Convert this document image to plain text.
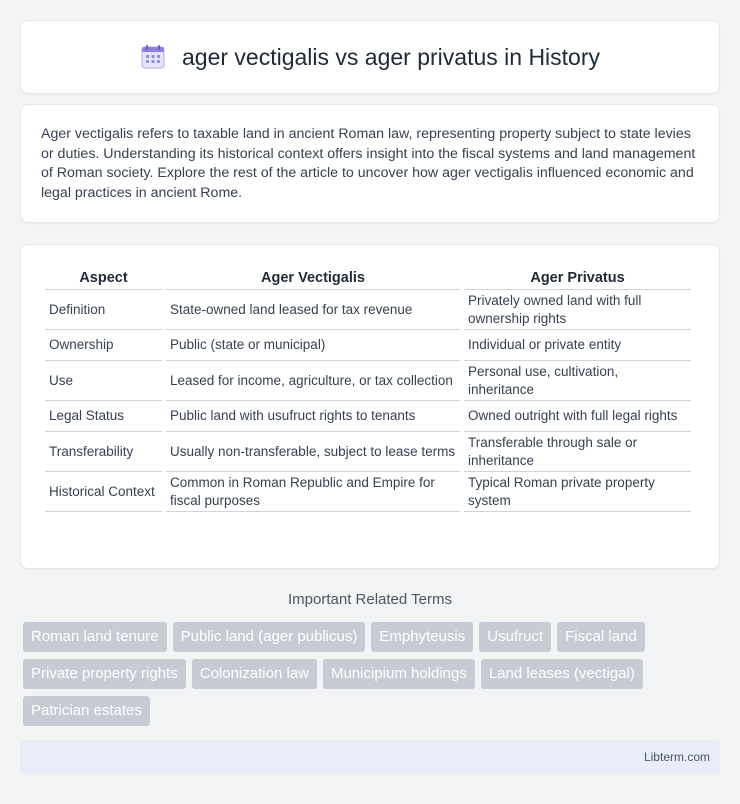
ager vectigalis vs ager privatus in History

Ager vectigalis refers to taxable land in ancient Roman law, representing property subject to state levies or duties. Understanding its historical context offers insight into the fiscal systems and land management of Roman society. Explore the rest of the article to uncover how ager vectigalis influenced economic and legal practices in ancient Rome.

Aspect	Ager Vectigalis	Ager Privatus
Definition	State-owned land leased for tax revenue	Privately owned land with full ownership rights
Ownership	Public (state or municipal)	Individual or private entity
Use	Leased for income, agriculture, or tax collection	Personal use, cultivation, inheritance
Legal Status	Public land with usufruct rights to tenants	Owned outright with full legal rights
Transferability	Usually non-transferable, subject to lease terms	Transferable through sale or inheritance
Historical Context	Common in Roman Republic and Empire for fiscal purposes	Typical Roman private property system
Important Related Terms
Roman land tenure	Public land (ager publicus)	Emphyteusis	Usufruct	Fiscal land
Private property rights	Colonization law	Municipium holdings	Land leases (vectigal)
Patrician estates
Libterm.com
